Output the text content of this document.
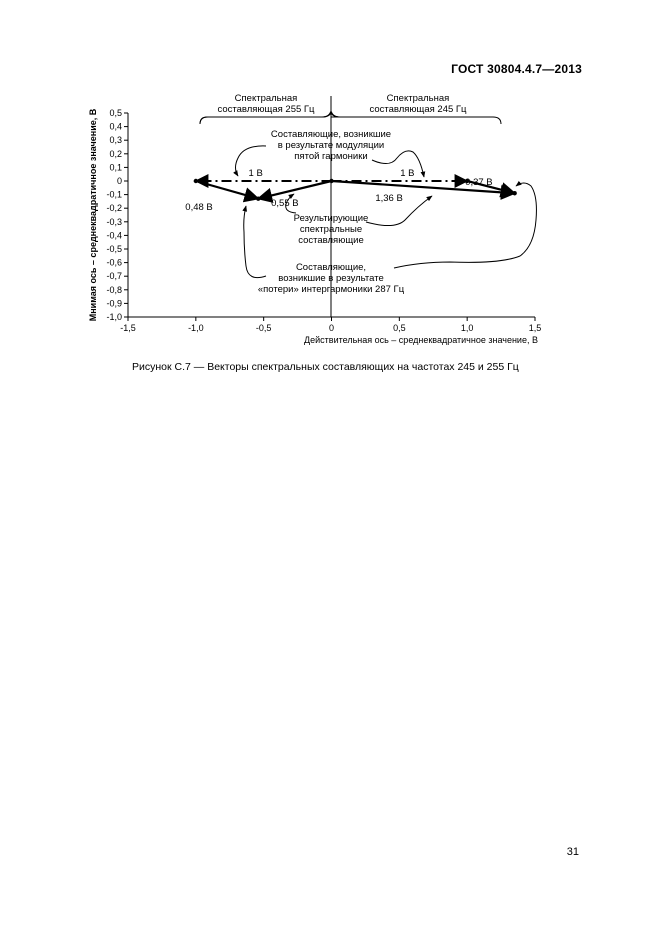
ГОСТ 30804.4.7—2013
0,5
0,4
0,3
0,2
0,1
0
-0,1
-0,2
-0,3
-0,4
-0,5
-0,6
-0,7
-0,8
-0,9
-1,0
-1,5	-1,0	-0,5	0	0,5	1,0	1,5
Действительная ось – среднеквадратичное значение, В
Мнимая ось – среднеквадратичное значение, В
Спектральная
составляющая 255 Гц
Спектральная
составляющая 245 Гц
Составляющие, возникшие
в результате модуляции
пятой гармоники
Результирующие
спектральные
составляющие
Составляющие,
возникшие в результате
«потери» интергармоники 287 Гц
1 В	1 В
0,48 В	0,55 В
0,37 В
1,36 В
Рисунок С.7 — Векторы спектральных составляющих на частотах 245 и 255 Гц
31
